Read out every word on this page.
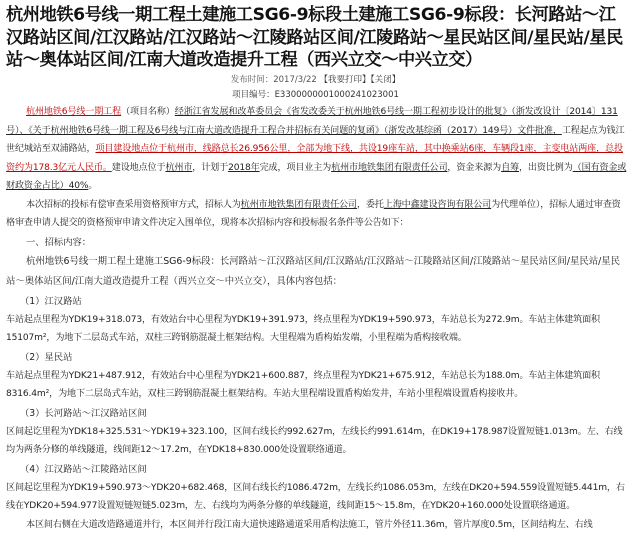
杭州地铁6号线一期工程土建施工SG6-9标段土建施工SG6-9标段：长河路站～江汉路站区间/江汉路站/江汉路站～江陵路站区间/江陵路站～星民站区间/星民站/星民站～奥体站区间/江南大道改造提升工程（西兴立交～中兴立交）
发布时间：2017/3/22 【我要打印】【关闭】
项目编号：E3300000001000241023001

杭州地铁6号线一期工程（项目名称）经浙江省发展和改革委员会《省发改委关于杭州地铁6号线一期工程初步设计的批复》（浙发改设计〔2014〕131号）、《关于杭州地铁6号线一期工程及6号线与江南大道改造提升工程合并招标有关问题的复函》（浙发改基综函（2017）149号）文件批准，工程起点为钱江世纪城站至双浦路站，项目建设地点位于杭州市，线路总长26.956公里，全部为地下线，共设19座车站，其中换乘站6座，车辆段1座，主变电站两座，总投资约为178.3亿元人民币。建设地点位于杭州市，计划于2018年完成，项目业主为杭州市地铁集团有限责任公司，资金来源为自筹，出资比例为（国有资金或财政资金占比）40%。

本次招标的投标有偿审查采用资格预审方式，招标人为杭州市地铁集团有限责任公司，委托上海中鑫建设咨询有限公司为代理单位），招标人通过审查资格审查申请人提交的资格预审申请文件决定入围单位，现将本次招标内容和投标报名条件等公告如下：

一、招标内容：

杭州地铁6号线一期工程土建施工SG6-9标段：长河路站～江汉路站区间/江汉路站/江汉路站～江陵路站区间/江陵路站～星民站区间/星民站/星民站～奥体站区间/江南大道改造提升工程（西兴立交～中兴立交），具体内容包括：

（1）江汉路站

车站起点里程为YDK19+318.073，有效站台中心里程为YDK19+391.973，终点里程为YDK19+590.973，车站总长为272.9m。车站主体建筑面积15107m²，为地下二层岛式车站，双柱三跨钢筋混凝土框架结构。大里程端为盾构始发端，小里程端为盾构接收端。

（2）星民站

车站起点里程为YDK21+487.912，有效站台中心里程为YDK21+600.887，终点里程为YDK21+675.912，车站总长为188.0m。车站主体建筑面积8316.4m²，为地下二层岛式车站，双柱三跨钢筋混凝土框架结构。车站大里程端设置盾构始发井，车站小里程端设置盾构接收井。

（3）长河路站～江汉路站区间

区间起讫里程为YDK18+325.531～YDK19+323.100，区间右线长约992.627m，左线长约991.614m，在DK19+178.987设置短链1.013m。左、右线均为两条分修的单线隧道，线间距12～17.2m，在YDK18+830.000处设置联络通道。

（4）江汉路站～江陵路站区间

区间起讫里程为YDK19+590.973～YDK20+682.468，区间右线长约1086.472m，左线长约1086.053m，左线在DK20+594.559设置短链5.441m，右线在YDK20+594.977设置短链短链5.023m，左、右线均为两条分修的单线隧道，线间距15～15.8m，在YDK20+160.000处设置联络通道。

本区间右侧在大道改造路通道并行，本区间并行段江南大道快速路通道采用盾构法施工，管片外径11.36m，管片厚度0.5m，区间结构左、右线
